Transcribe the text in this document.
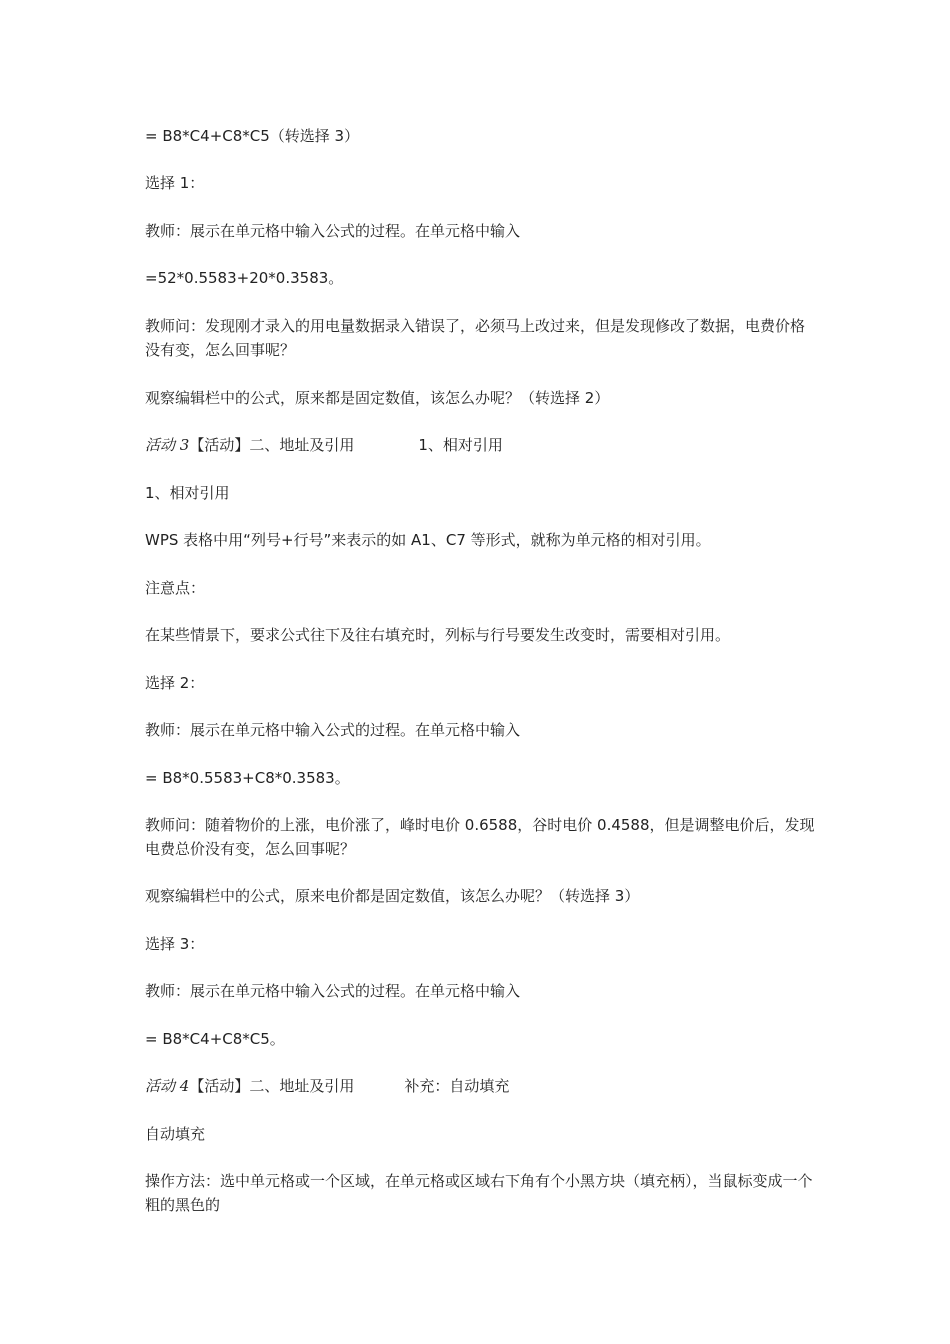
= B8*C4+C8*C5（转选择 3）
选择 1：
教师：展示在单元格中输入公式的过程。在单元格中输入
=52*0.5583+20*0.3583。
教师问：发现刚才录入的用电量数据录入错误了，必须马上改过来，但是发现修改了数据，电费价格没有变，怎么回事呢？
观察编辑栏中的公式，原来都是固定数值，该怎么办呢？（转选择 2）
活动 3【活动】二、地址及引用	1、相对引用
1、相对引用
WPS 表格中用“列号+行号”来表示的如 A1、C7 等形式，就称为单元格的相对引用。
注意点：
在某些情景下，要求公式往下及往右填充时，列标与行号要发生改变时，需要相对引用。
选择 2：
教师：展示在单元格中输入公式的过程。在单元格中输入
= B8*0.5583+C8*0.3583。
教师问：随着物价的上涨，电价涨了，峰时电价 0.6588，谷时电价 0.4588，但是调整电价后，发现电费总价没有变，怎么回事呢？
观察编辑栏中的公式，原来电价都是固定数值，该怎么办呢？（转选择 3）
选择 3：
教师：展示在单元格中输入公式的过程。在单元格中输入
= B8*C4+C8*C5。
活动 4【活动】二、地址及引用	补充：自动填充
自动填充
操作方法：选中单元格或一个区域，在单元格或区域右下角有个小黑方块（填充柄），当鼠标变成一个粗的黑色的
